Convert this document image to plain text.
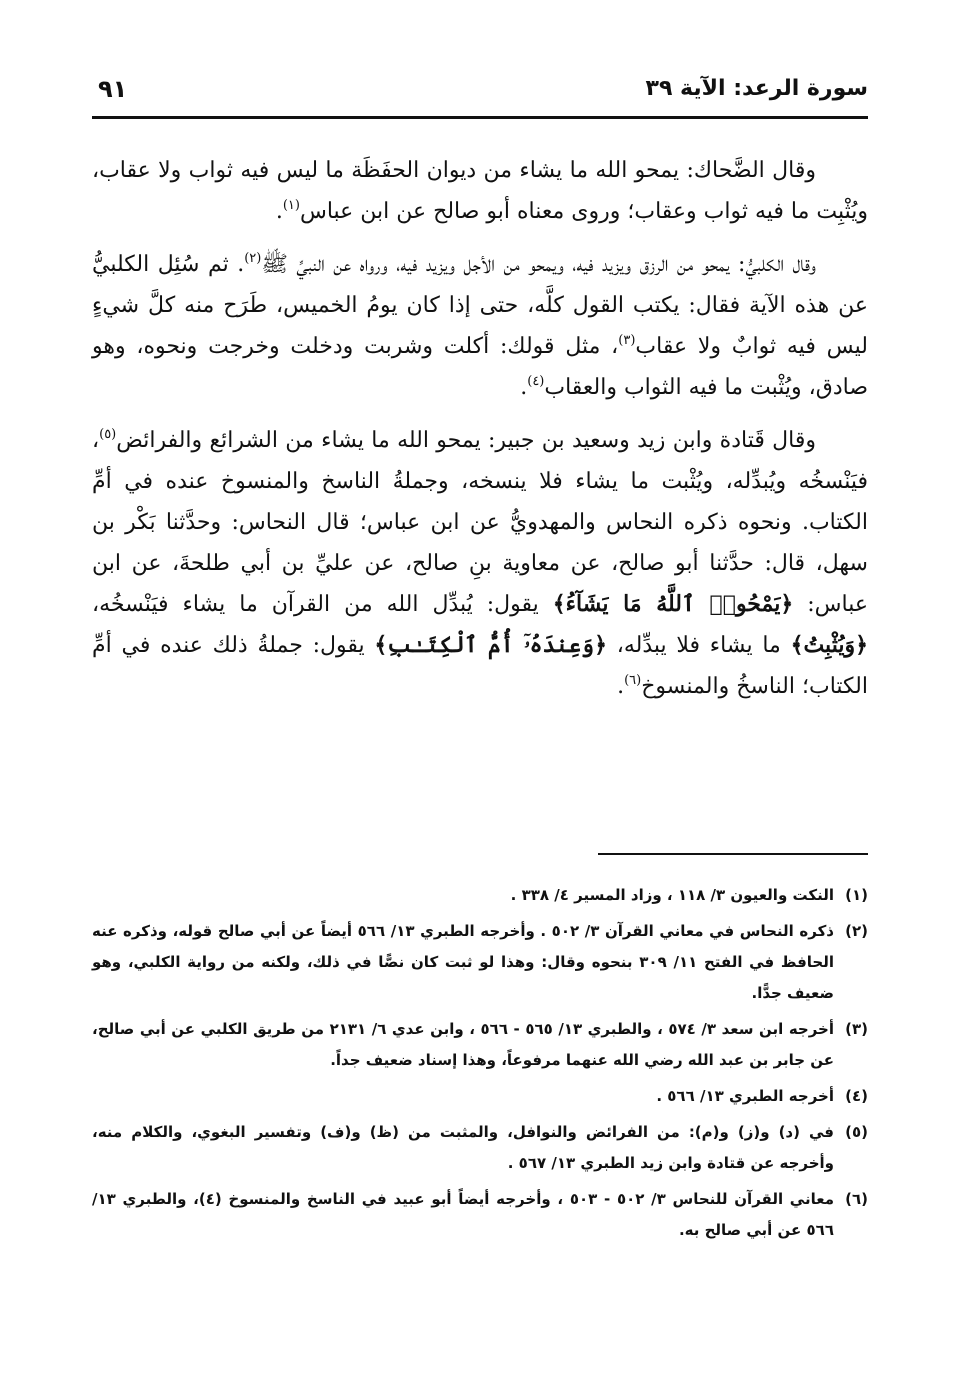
سورة الرعد: الآية ٣٩
٩١

وقال الضَّحاك: يمحو الله ما يشاء من ديوان الحفَظَة ما ليس فيه ثواب ولا عقاب، ويُثْبِت ما فيه ثواب وعقاب؛ وروى معناه أبو صالح عن ابن عباس$^{(١)}$.

وقال الكلبيُّ: يمحو من الرزق ويزيد فيه، ويمحو من الأجل ويزيد فيه، ورواه عن النبيِّ ﷺ$^{(٢)}$. ثم سُئِل الكلبيُّ عن هذه الآية فقال: يكتب القول كلَّه، حتى إذا كان يومُ الخميس، طَرَح منه كلَّ شيءٍ ليس فيه ثوابٌ ولا عقاب$^{(٣)}$، مثل قولك: أكلت وشربت ودخلت وخرجت ونحوه، وهو صادق، ويُثْبت ما فيه الثواب والعقاب$^{(٤)}$.

وقال قَتادة وابن زيد وسعيد بن جبير: يمحو الله ما يشاء من الشرائع والفرائض$^{(٥)}$، فيَنْسخُه ويُبدِّله، ويُثْبت ما يشاء فلا ينسخه، وجملةُ الناسخ والمنسوخ عنده في أمِّ الكتاب. ونحوه ذكره النحاس والمهدويُّ عن ابن عباس؛ قال النحاس: وحدَّثنا بَكْر بن سهل، قال: حدَّثنا أبو صالح، عن معاوية بنِ صالح، عن عليِّ بن أبي طلحةَ، عن ابن عباس: ﴿يَمْحُوا۟ ٱللَّهُ مَا يَشَآءُ﴾ يقول: يُبدِّل الله من القرآن ما يشاء فيَنْسخُه، ﴿وَيُثْبِتُ﴾ ما يشاء فلا يبدِّله، ﴿وَعِندَهُۥٓ أُمُّ ٱلْكِتَـٰبِ﴾ يقول: جملةُ ذلك عنده في أمِّ الكتاب؛ الناسخُ والمنسوخ$^{(٦)}$.

(١)
النكت والعيون ٣/ ١١٨ ، وزاد المسير ٤/ ٣٣٨ .
(٢)
ذكره النحاس في معاني القرآن ٣/ ٥٠٢ . وأخرجه الطبري ١٣/ ٥٦٦ أيضاً عن أبي صالح قوله، وذكره عنه الحافظ في الفتح ١١/ ٣٠٩ بنحوه وقال: وهذا لو ثبت كان نصًّا في ذلك، ولكنه من رواية الكلبي، وهو ضعيف جدًّا.
(٣)
أخرجه ابن سعد ٣/ ٥٧٤ ، والطبري ١٣/ ٥٦٥ - ٥٦٦ ، وابن عدي ٦/ ٢١٣١ من طريق الكلبي عن أبي صالح، عن جابر بن عبد الله رضي الله عنهما مرفوعاً، وهذا إسناد ضعيف جداً.
(٤)
أخرجه الطبري ١٣/ ٥٦٦ .
(٥)
في (د) و(ز) و(م): من الفرائض والنوافل، والمثبت من (ظ) و(ف) وتفسير البغوي، والكلام منه، وأخرجه عن قتادة وابن زيد الطبري ١٣/ ٥٦٧ .
(٦)
معاني القرآن للنحاس ٣/ ٥٠٢ - ٥٠٣ ، وأخرجه أيضاً أبو عبيد في الناسخ والمنسوخ (٤)، والطبري ١٣/ ٥٦٦ عن أبي صالح به.
